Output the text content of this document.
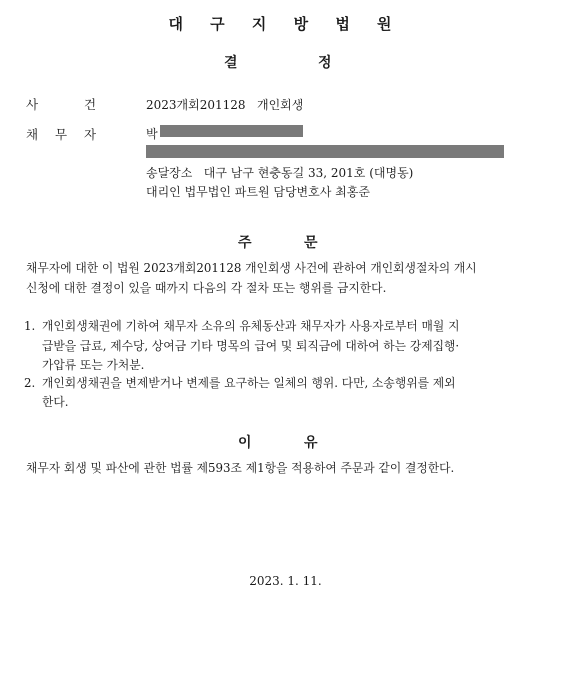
대 구 지 방 법 원
결	정
사	건	2023개회201128   개인회생
채 무 자	박
송달장소   대구 남구 현충동길 33, 201호 (대명동)
대리인 법무법인 파트원 담당변호사 최홍준
주	문
채무자에 대한 이 법원 2023개회201128 개인회생 사건에 관하여 개인회생절차의 개시
신청에 대한 결정이 있을 때까지 다음의 각 절차 또는 행위를 금지한다.
1. 개인회생채권에 기하여 채무자 소유의 유체동산과 채무자가 사용자로부터 매월 지
급받을 급료, 제수당, 상여금 기타 명목의 급여 및 퇴직금에 대하여 하는 강제집행·
가압류 또는 가처분.
2. 개인회생채권을 변제받거나 변제를 요구하는 일체의 행위. 다만, 소송행위를 제외
한다.
이	유
채무자 회생 및 파산에 관한 법률 제593조 제1항을 적용하여 주문과 같이 결정한다.
2023. 1. 11.
